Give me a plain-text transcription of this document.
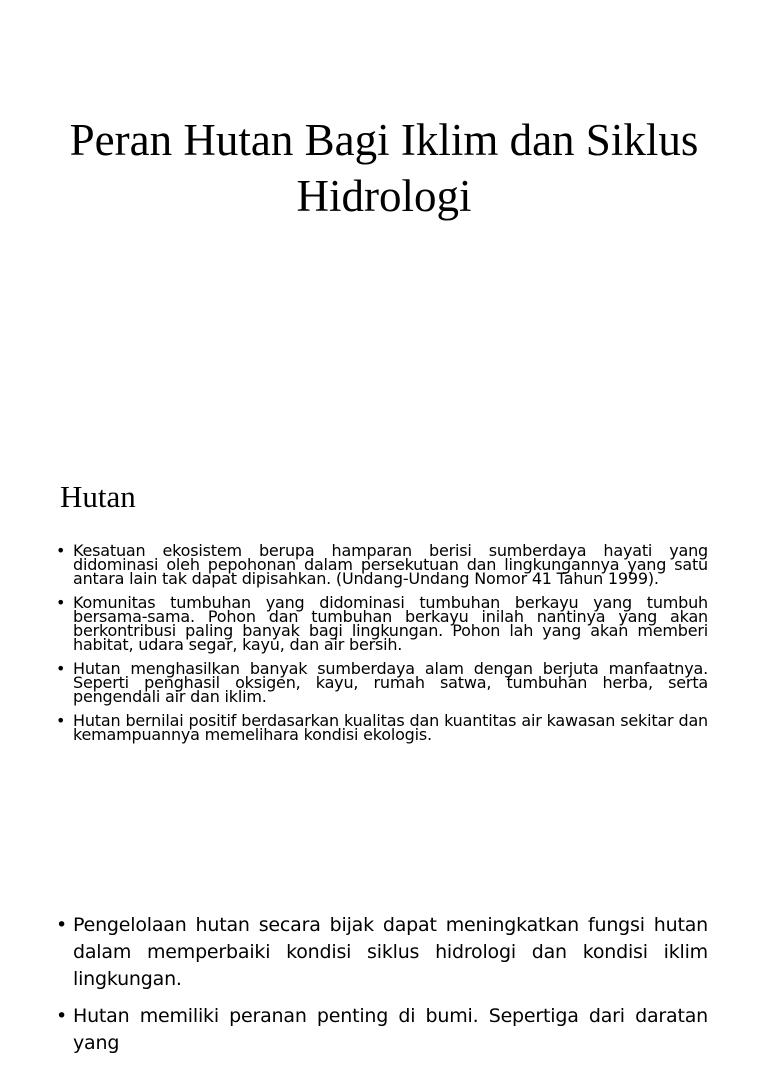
Peran Hutan Bagi Iklim dan Siklus Hidrologi
Hutan
• Kesatuan ekosistem berupa hamparan berisi sumberdaya hayati yang didominasi oleh pepohonan dalam persekutuan dan lingkungannya yang satu antara lain tak dapat dipisahkan. (Undang-Undang Nomor 41 Tahun 1999).
• Komunitas tumbuhan yang didominasi tumbuhan berkayu yang tumbuh bersama-sama. Pohon dan tumbuhan berkayu inilah nantinya yang akan berkontribusi paling banyak bagi lingkungan. Pohon lah yang akan memberi habitat, udara segar, kayu, dan air bersih.
• Hutan menghasilkan banyak sumberdaya alam dengan berjuta manfaatnya. Seperti penghasil oksigen, kayu, rumah satwa, tumbuhan herba, serta pengendali air dan iklim.
• Hutan bernilai positif berdasarkan kualitas dan kuantitas air kawasan sekitar dan kemampuannya memelihara kondisi ekologis.
• Pengelolaan hutan secara bijak dapat meningkatkan fungsi hutan dalam memperbaiki kondisi siklus hidrologi dan kondisi iklim lingkungan.
• Hutan memiliki peranan penting di bumi. Sepertiga dari daratan yang
